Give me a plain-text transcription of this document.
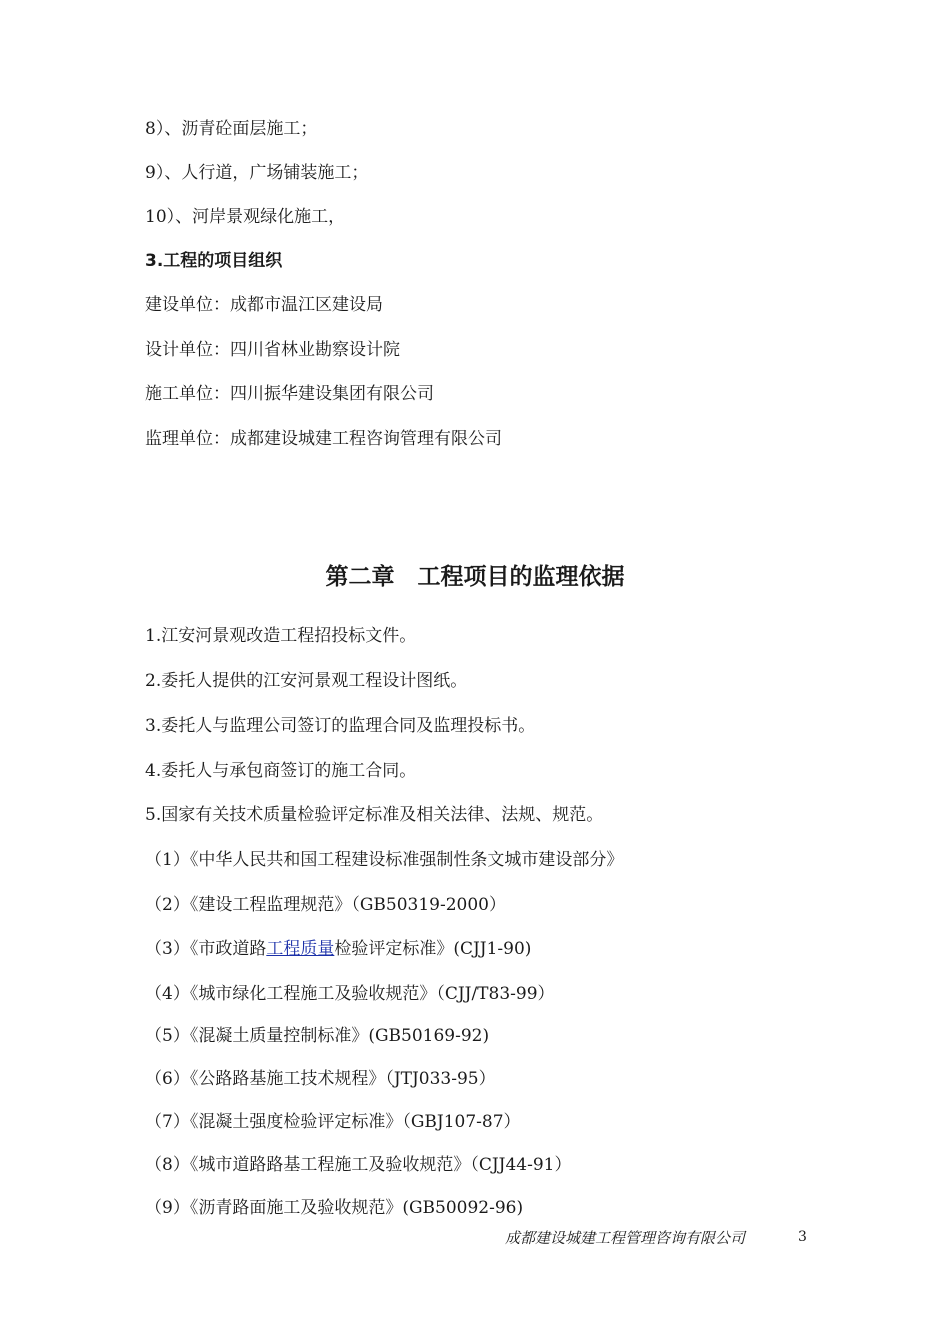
8）、沥青砼面层施工；
9）、人行道，广场铺装施工；
10）、河岸景观绿化施工，
3.工程的项目组织
建设单位：成都市温江区建设局
设计单位：四川省林业勘察设计院
施工单位：四川振华建设集团有限公司
监理单位：成都建设城建工程咨询管理有限公司
第二章　工程项目的监理依据
1.江安河景观改造工程招投标文件。
2.委托人提供的江安河景观工程设计图纸。
3.委托人与监理公司签订的监理合同及监理投标书。
4.委托人与承包商签订的施工合同。
5.国家有关技术质量检验评定标准及相关法律、法规、规范。
（1）《中华人民共和国工程建设标准强制性条文城市建设部分》
（2）《建设工程监理规范》（GB50319-2000）
（3）《市政道路工程质量检验评定标准》(CJJ1-90)
（4）《城市绿化工程施工及验收规范》（CJJ/T83-99）
（5）《混凝土质量控制标准》(GB50169-92)
（6）《公路路基施工技术规程》（JTJ033-95）
（7）《混凝土强度检验评定标准》（GBJ107-87）
（8）《城市道路路基工程施工及验收规范》（CJJ44-91）
（9）《沥青路面施工及验收规范》(GB50092-96)
成都建设城建工程管理咨询有限公司	3
